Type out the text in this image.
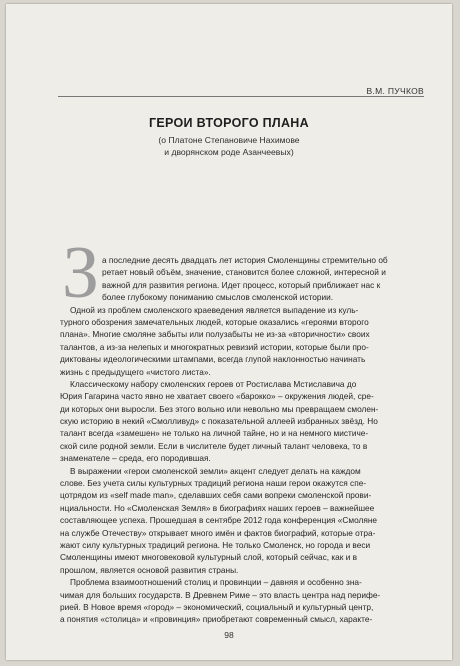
В.М. ПУЧКОВ
ГЕРОИ ВТОРОГО ПЛАНА
(о Платоне Степановиче Нахимове
и дворянском роде Азанчеевых)
З а последние десять двадцать лет история Смоленщины стремительно об
ретает новый объём, значение, становится более сложной, интересной и
важной для развития региона. Идет процесс, который приближает нас к
более глубокому пониманию смыслов смоленской истории.
Одной из проблем смоленского краеведения является выпадение из куль-
турного обозрения замечательных людей, которые оказались «героями второго
плана». Многие смоляне забыты или полузабыты не из-за «вторичности» своих
талантов, а из-за нелепых и многократных ревизий истории, которые были про-
диктованы идеологическими штампами, всегда глупой наклонностью начинать
жизнь с предыдущего «чистого листа».
Классическому набору смоленских героев от Ростислава Мстиславича до
Юрия Гагарина часто явно не хватает своего «барокко» – окружения людей, сре-
ди которых они выросли. Без этого вольно или невольно мы превращаем смолен-
скую историю в некий «Смолливуд» с показательной аллеей избранных звёзд. Но
талант всегда «замешен» не только на личной тайне, но и на немного мистиче-
ской силе родной земли. Если в числителе будет личный талант человека, то в
знаменателе – среда, его породившая.
В выражении «герои смоленской земли» акцент следует делать на каждом
слове. Без учета силы культурных традиций региона наши герои окажутся спе-
цотрядом из «self made man», сделавших себя сами вопреки смоленской прови-
нциальности. Но «Смоленская Земля» в биографиях наших героев – важнейшее
составляющее успеха. Прошедшая в сентябре 2012 года конференция «Смоляне
на службе Отечеству» открывает много имён и фактов биографий, которые отра-
жают силу культурных традиций региона. Не только Смоленск, но города и веси
Смоленщины имеют многовековой культурный слой, который сейчас, как и в
прошлом, является основой развития страны.
Проблема взаимоотношений столиц и провинции – давняя и особенно зна-
чимая для больших государств. В Древнем Риме – это власть центра над перифе-
рией. В Новое время «город» – экономический, социальный и культурный центр,
а понятия «столица» и «провинция» приобретают современный смысл, характе-
98
